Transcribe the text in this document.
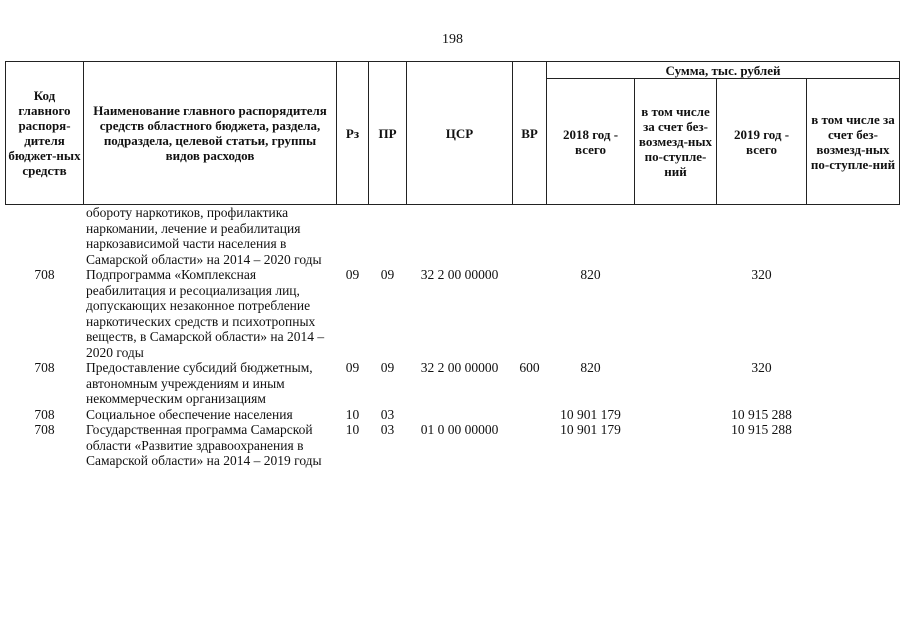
198
Код главного распоря-дителя бюджет-ных средств	Наименование главного распорядителя средств областного бюджета, раздела, подраздела, целевой статьи, группы видов расходов	Рз	ПР	ЦСР	ВР	Сумма, тыс. рублей			
						2018 год - всего	в том числе за счет без-возмезд-ных по-ступле-ний	2019 год - всего	в том числе за счет без-возмезд-ных по-ступле-ний
	обороту наркотиков, профилактика наркомании, лечение и реабилитация наркозависимой части населения в Самарской области» на 2014 – 2020 годы								
708	Подпрограмма «Комплексная реабилитация и ресоциализация лиц, допускающих незаконное потребление наркотических средств и психотропных веществ, в Самарской области» на 2014 – 2020 годы	09	09	32 2 00 00000		820		320	
708	Предоставление субсидий бюджетным, автономным учреждениям и иным некоммерческим организациям	09	09	32 2 00 00000	600	820		320	
708	Социальное обеспечение населения	10	03			10 901 179		10 915 288	
708	Государственная программа Самарской области «Развитие здравоохранения в Самарской области» на 2014 – 2019 годы	10	03	01 0 00 00000		10 901 179		10 915 288	
